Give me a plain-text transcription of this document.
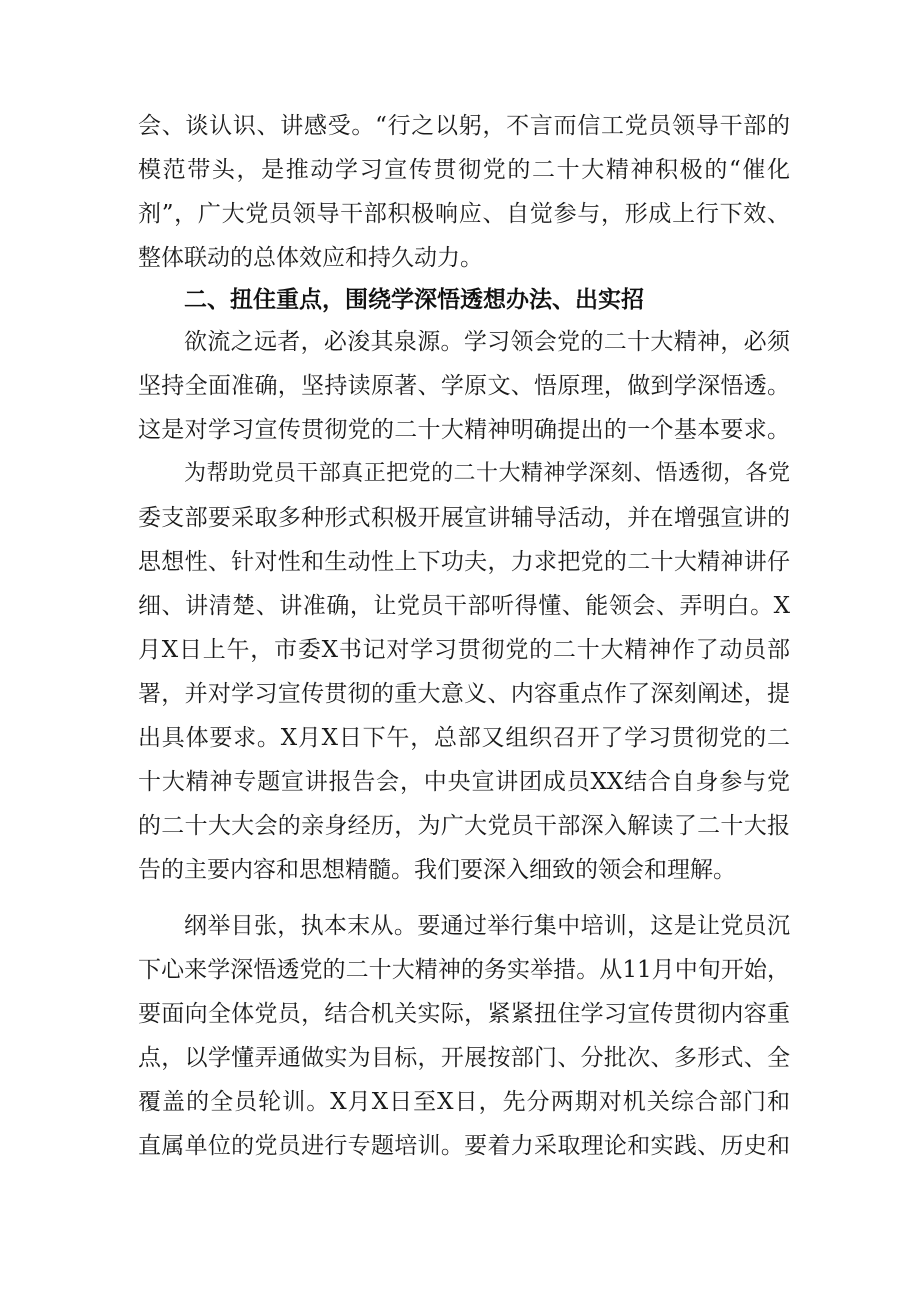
会、谈认识、讲感受。“行之以躬，不言而信工党员领导干部的
模范带头，是推动学习宣传贯彻党的二十大精神积极的“催化
剂”，广大党员领导干部积极响应、自觉参与，形成上行下效、
整体联动的总体效应和持久动力。
二、扭住重点，围绕学深悟透想办法、出实招
欲流之远者，必浚其泉源。学习领会党的二十大精神，必须
坚持全面准确，坚持读原著、学原文、悟原理，做到学深悟透。
这是对学习宣传贯彻党的二十大精神明确提出的一个基本要求。
为帮助党员干部真正把党的二十大精神学深刻、悟透彻，各党
委支部要采取多种形式积极开展宣讲辅导活动，并在增强宣讲的
思想性、针对性和生动性上下功夫，力求把党的二十大精神讲仔
细、讲清楚、讲准确，让党员干部听得懂、能领会、弄明白。X
月X日上午，市委X书记对学习贯彻党的二十大精神作了动员部
署，并对学习宣传贯彻的重大意义、内容重点作了深刻阐述，提
出具体要求。X月X日下午，总部又组织召开了学习贯彻党的二
十大精神专题宣讲报告会，中央宣讲团成员XX结合自身参与党
的二十大大会的亲身经历，为广大党员干部深入解读了二十大报
告的主要内容和思想精髓。我们要深入细致的领会和理解。
纲举目张，执本末从。要通过举行集中培训，这是让党员沉
下心来学深悟透党的二十大精神的务实举措。从11月中旬开始，
要面向全体党员，结合机关实际，紧紧扭住学习宣传贯彻内容重
点，以学懂弄通做实为目标，开展按部门、分批次、多形式、全
覆盖的全员轮训。X月X日至X日，先分两期对机关综合部门和
直属单位的党员进行专题培训。要着力采取理论和实践、历史和
